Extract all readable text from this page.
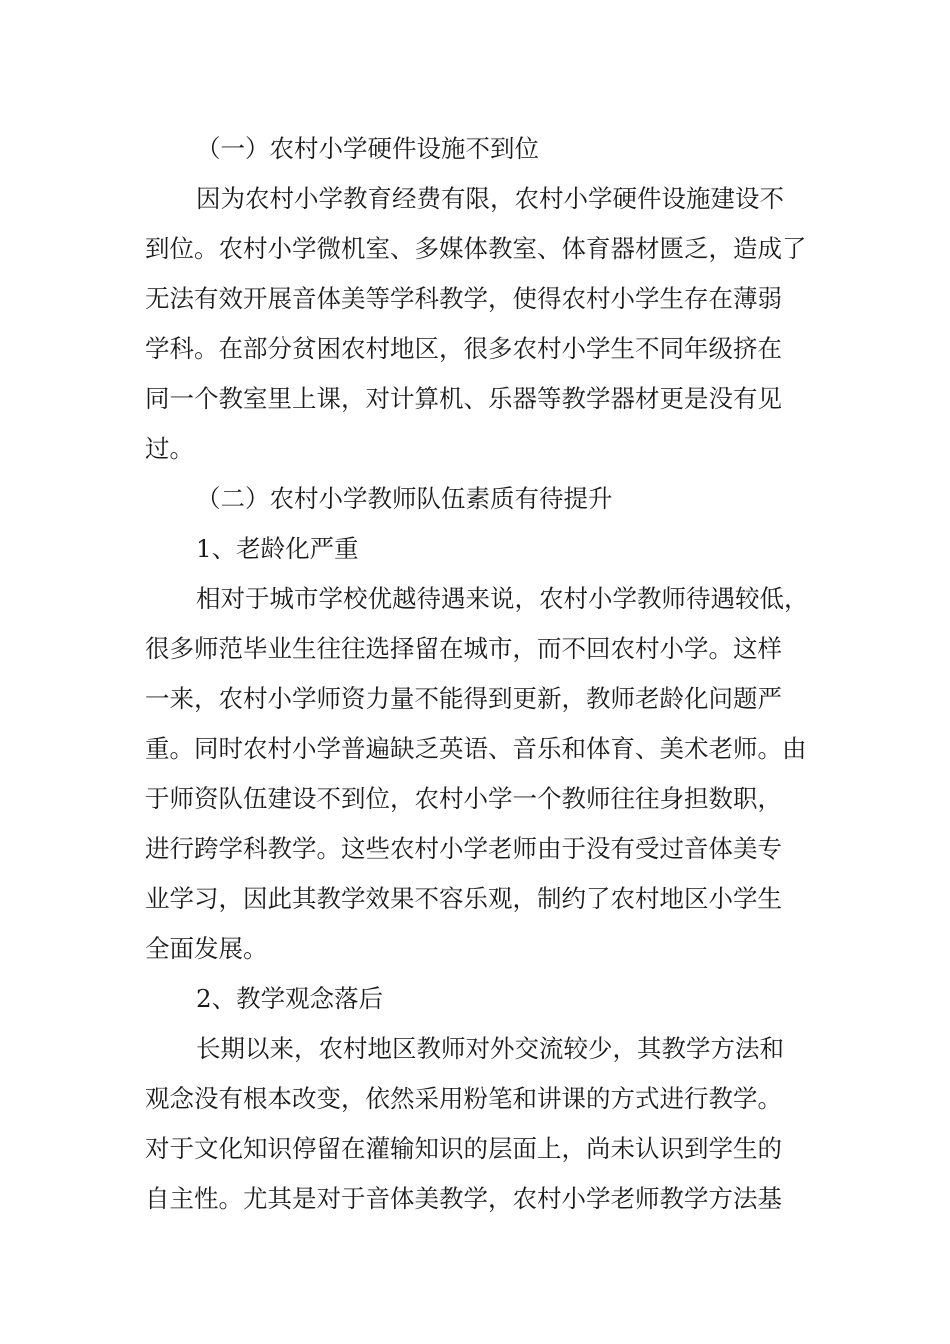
（一）农村小学硬件设施不到位
因为农村小学教育经费有限，农村小学硬件设施建设不
到位。农村小学微机室、多媒体教室、体育器材匮乏，造成了
无法有效开展音体美等学科教学，使得农村小学生存在薄弱
学科。在部分贫困农村地区，很多农村小学生不同年级挤在
同一个教室里上课，对计算机、乐器等教学器材更是没有见
过。
（二）农村小学教师队伍素质有待提升
1、老龄化严重
相对于城市学校优越待遇来说，农村小学教师待遇较低，
很多师范毕业生往往选择留在城市，而不回农村小学。这样
一来，农村小学师资力量不能得到更新，教师老龄化问题严
重。同时农村小学普遍缺乏英语、音乐和体育、美术老师。由
于师资队伍建设不到位，农村小学一个教师往往身担数职，
进行跨学科教学。这些农村小学老师由于没有受过音体美专
业学习，因此其教学效果不容乐观，制约了农村地区小学生
全面发展。
2、教学观念落后
长期以来，农村地区教师对外交流较少，其教学方法和
观念没有根本改变，依然采用粉笔和讲课的方式进行教学。
对于文化知识停留在灌输知识的层面上，尚未认识到学生的
自主性。尤其是对于音体美教学，农村小学老师教学方法基
